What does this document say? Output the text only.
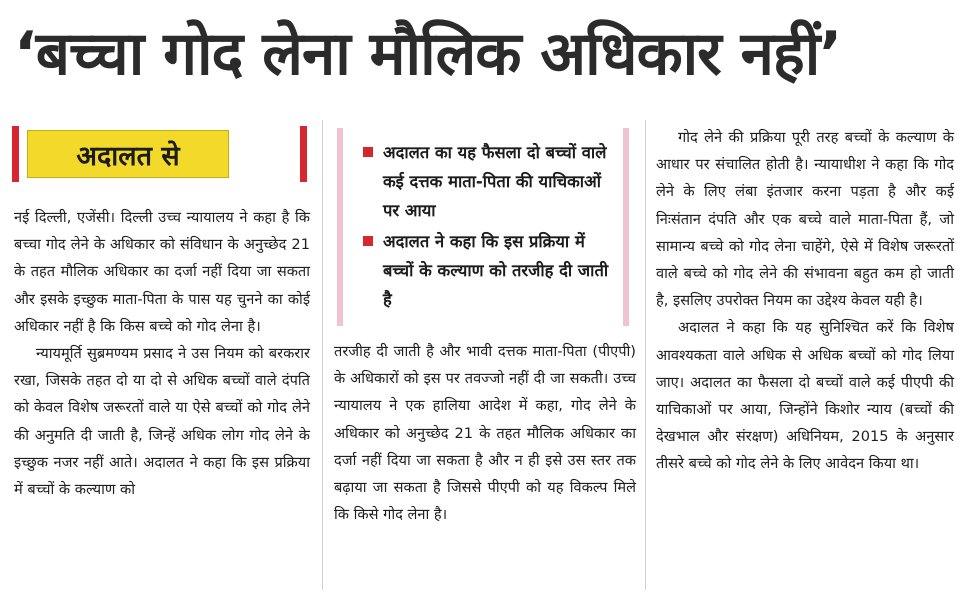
‘बच्चा गोद लेना मौलिक अधिकार नहीं’
अदालत से	अदालत का यह फैसला दो बच्चों वाले कई दत्तक माता-पिता की याचिकाओं पर आया
अदालत ने कहा कि इस प्रक्रिया में बच्चों के कल्याण को तरजीह दी जाती है

नई दिल्ली, एजेंसी। दिल्ली उच्च न्यायालय ने कहा है कि बच्चा गोद लेने के अधिकार को संविधान के अनुच्छेद 21 के तहत मौलिक अधिकार का दर्जा नहीं दिया जा सकता और इसके इच्छुक माता-पिता के पास यह चुनने का कोई अधिकार नहीं है कि किस बच्चे को गोद लेना है।

न्यायमूर्ति सुब्रमण्यम प्रसाद ने उस नियम को बरकरार रखा, जिसके तहत दो या दो से अधिक बच्चों वाले दंपति को केवल विशेष जरूरतों वाले या ऐसे बच्चों को गोद लेने की अनुमति दी जाती है, जिन्हें अधिक लोग गोद लेने के इच्छुक नजर नहीं आते। अदालत ने कहा कि इस प्रक्रिया में बच्चों के कल्याण को

तरजीह दी जाती है और भावी दत्तक माता-पिता (पीएपी) के अधिकारों को इस पर तवज्जो नहीं दी जा सकती। उच्च न्यायालय ने एक हालिया आदेश में कहा, गोद लेने के अधिकार को अनुच्छेद 21 के तहत मौलिक अधिकार का दर्जा नहीं दिया जा सकता है और न ही इसे उस स्तर तक बढ़ाया जा सकता है जिससे पीएपी को यह विकल्प मिले कि किसे गोद लेना है।

गोद लेने की प्रक्रिया पूरी तरह बच्चों के कल्याण के आधार पर संचालित होती है। न्यायाधीश ने कहा कि गोद लेने के लिए लंबा इंतजार करना पड़ता है और कई निःसंतान दंपति और एक बच्चे वाले माता-पिता हैं, जो सामान्य बच्चे को गोद लेना चाहेंगे, ऐसे में विशेष जरूरतों वाले बच्चे को गोद लेने की संभावना बहुत कम हो जाती है, इसलिए उपरोक्त नियम का उद्देश्य केवल यही है।

अदालत ने कहा कि यह सुनिश्चित करें कि विशेष आवश्यकता वाले अधिक से अधिक बच्चों को गोद लिया जाए। अदालत का फैसला दो बच्चों वाले कई पीएपी की याचिकाओं पर आया, जिन्होंने किशोर न्याय (बच्चों की देखभाल और संरक्षण) अधिनियम, 2015 के अनुसार तीसरे बच्चे को गोद लेने के लिए आवेदन किया था।
